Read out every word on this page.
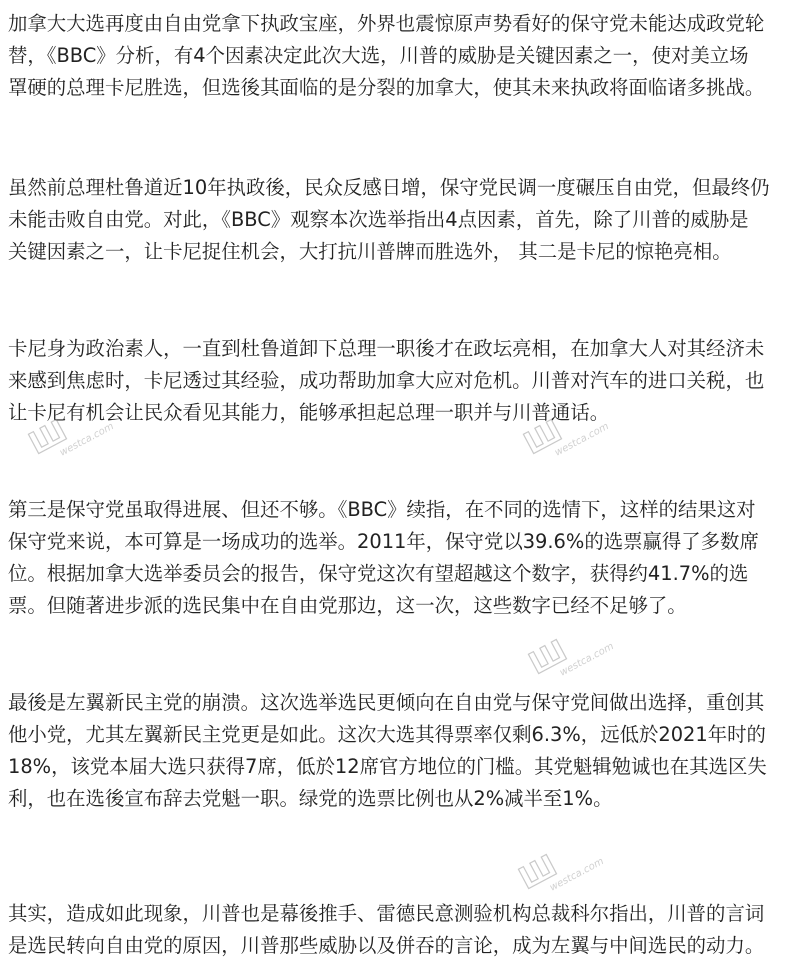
加拿大大选再度由自由党拿下执政宝座，外界也震惊原声势看好的保守党未能达成政党轮
替，《BBC》分析，有4个因素决定此次大选，川普的威胁是关键因素之一，使对美立场
罩硬的总理卡尼胜选，但选後其面临的是分裂的加拿大，使其未来执政将面临诸多挑战。

虽然前总理杜鲁道近10年执政後，民众反感日增，保守党民调一度碾压自由党，但最终仍
未能击败自由党。对此，《BBC》观察本次选举指出4点因素，首先，除了川普的威胁是
关键因素之一，让卡尼捉住机会，大打抗川普牌而胜选外， 其二是卡尼的惊艳亮相。

卡尼身为政治素人，一直到杜鲁道卸下总理一职後才在政坛亮相，在加拿大人对其经济未
来感到焦虑时，卡尼透过其经验，成功帮助加拿大应对危机。川普对汽车的进口关税，也
让卡尼有机会让民众看见其能力，能够承担起总理一职并与川普通话。

第三是保守党虽取得进展、但还不够。《BBC》续指，在不同的选情下，这样的结果这对
保守党来说，本可算是一场成功的选举。2011年，保守党以39.6%的选票赢得了多数席
位。根据加拿大选举委员会的报告，保守党这次有望超越这个数字，获得约41.7%的选
票。但随著进步派的选民集中在自由党那边，这一次，这些数字已经不足够了。

最後是左翼新民主党的崩溃。这次选举选民更倾向在自由党与保守党间做出选择，重创其
他小党，尤其左翼新民主党更是如此。这次大选其得票率仅剩6.3%，远低於2021年时的
18%，该党本届大选只获得7席，低於12席官方地位的门槛。其党魁辑勉诚也在其选区失
利，也在选後宣布辞去党魁一职。绿党的选票比例也从2%减半至1%。

其实，造成如此现象，川普也是幕後推手、雷德民意测验机构总裁科尔指出，川普的言词
是选民转向自由党的原因，川普那些威胁以及併吞的言论，成为左翼与中间选民的动力。

Ш
westca.com	Ш
westca.com
Ш
westca.com
Ш
westca.com
